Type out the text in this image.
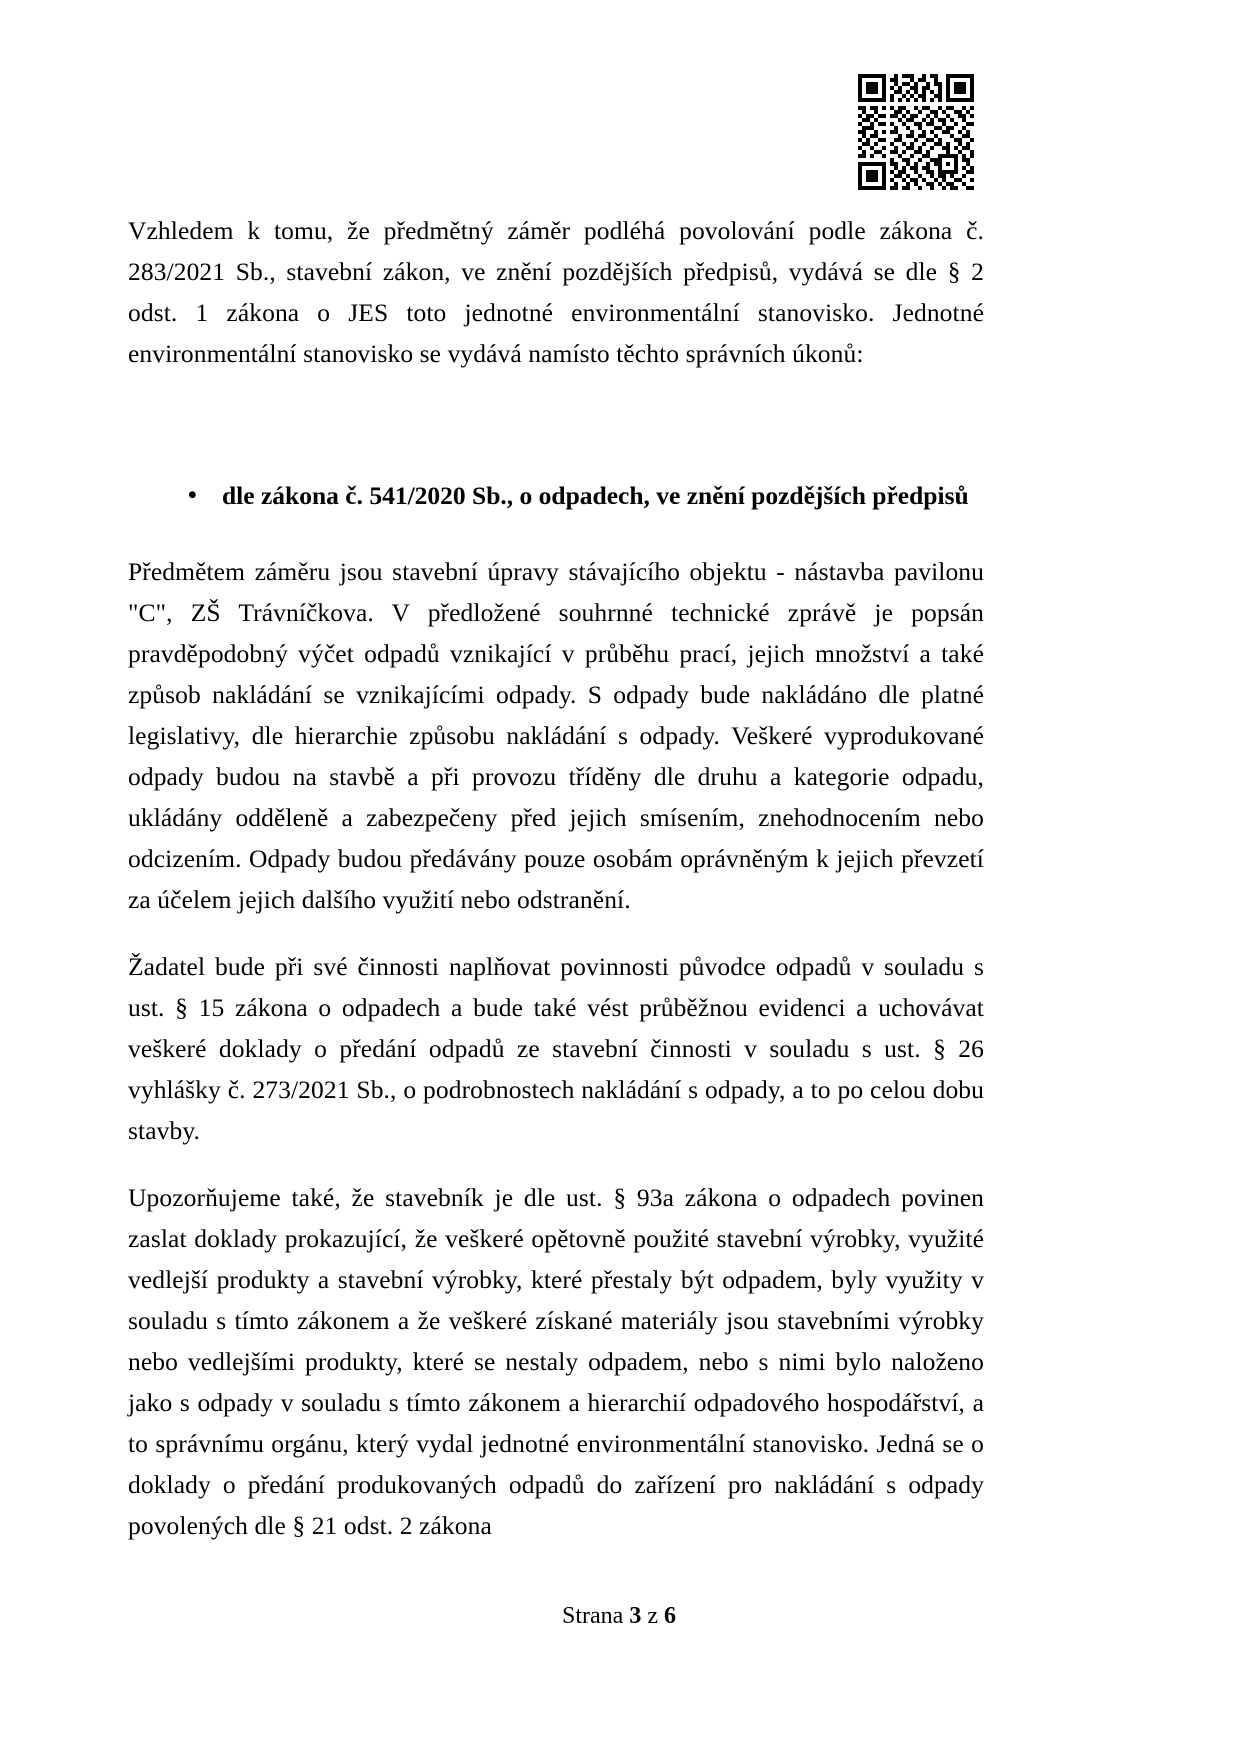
Vzhledem k tomu, že předmětný záměr podléhá povolování podle zákona č. 283/2021 Sb., stavební zákon, ve znění pozdějších předpisů, vydává se dle § 2 odst. 1 zákona o JES toto jednotné environmentální stanovisko. Jednotné environmentální stanovisko se vydává namísto těchto správních úkonů:

• dle zákona č. 541/2020 Sb., o odpadech, ve znění pozdějších předpisů

Předmětem záměru jsou stavební úpravy stávajícího objektu - nástavba pavilonu "C", ZŠ Trávníčkova. V předložené souhrnné technické zprávě je popsán pravděpodobný výčet odpadů vznikající v průběhu prací, jejich množství a také způsob nakládání se vznikajícími odpady. S odpady bude nakládáno dle platné legislativy, dle hierarchie způsobu nakládání s odpady. Veškeré vyprodukované odpady budou na stavbě a při provozu tříděny dle druhu a kategorie odpadu, ukládány odděleně a zabezpečeny před jejich smísením, znehodnocením nebo odcizením. Odpady budou předávány pouze osobám oprávněným k jejich převzetí za účelem jejich dalšího využití nebo odstranění.

Žadatel bude při své činnosti naplňovat povinnosti původce odpadů v souladu s ust. § 15 zákona o odpadech a bude také vést průběžnou evidenci a uchovávat veškeré doklady o předání odpadů ze stavební činnosti v souladu s ust. § 26 vyhlášky č. 273/2021 Sb., o podrobnostech nakládání s odpady, a to po celou dobu stavby.

Upozorňujeme také, že stavebník je dle ust. § 93a zákona o odpadech povinen zaslat doklady prokazující, že veškeré opětovně použité stavební výrobky, využité vedlejší produkty a stavební výrobky, které přestaly být odpadem, byly využity v souladu s tímto zákonem a že veškeré získané materiály jsou stavebními výrobky nebo vedlejšími produkty, které se nestaly odpadem, nebo s nimi bylo naloženo jako s odpady v souladu s tímto zákonem a hierarchií odpadového hospodářství, a to správnímu orgánu, který vydal jednotné environmentální stanovisko. Jedná se o doklady o předání produkovaných odpadů do zařízení pro nakládání s odpady povolených dle § 21 odst. 2 zákona

Strana 3 z 6
